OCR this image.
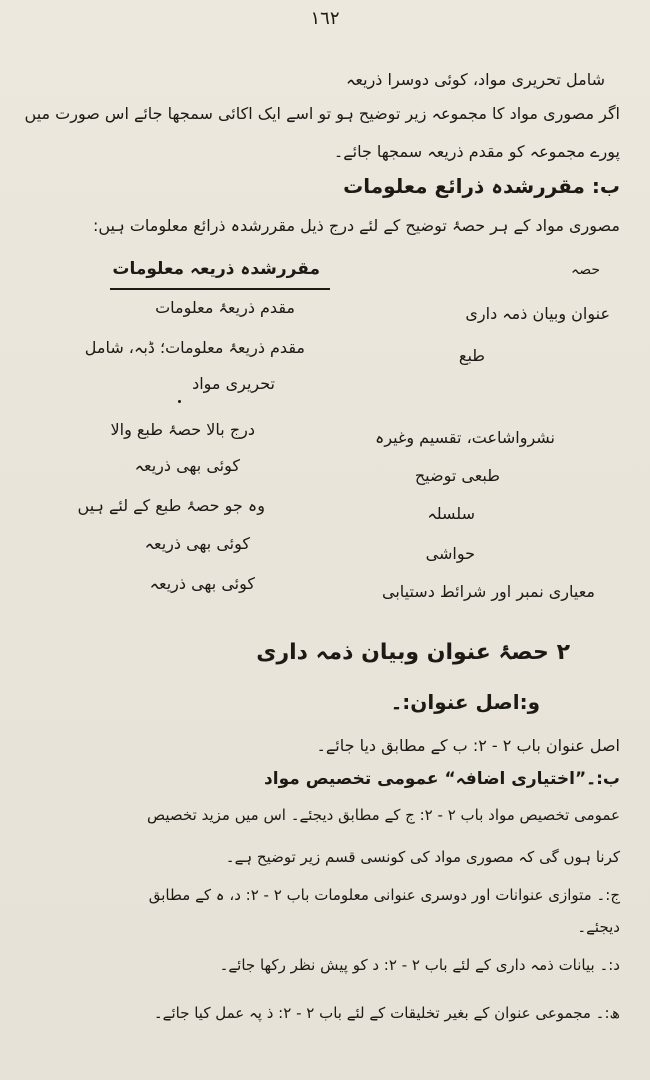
١٦٢
شامل تحریری مواد، کوئی دوسرا ذریعہ
اگر مصوری مواد کا مجموعہ زیر توضیح ہو تو اسے ایک اکائی سمجھا جائے اس صورت میں
پورے مجموعہ کو مقدم ذریعہ سمجھا جائے۔
ب: مقررشدہ ذرائع معلومات
مصوری مواد کے ہر حصۂ توضیح کے لئے درج ذیل مقررشدہ ذرائع معلومات ہیں:
حصہ
مقررشدہ ذریعہ معلومات
مقدم ذریعۂ معلومات
مقدم ذریعۂ معلومات؛ ڈبہ، شامل
تحریری مواد
درج بالا حصۂ طبع والا
کوئی بھی ذریعہ
وہ جو حصۂ طبع کے لئے ہیں
کوئی بھی ذریعہ
کوئی بھی ذریعہ
عنوان وبیان ذمہ داری
طبع
نشرواشاعت، تقسیم وغیرہ
طبعی توضیح
سلسلہ
حواشی
معیاری نمبر اور شرائط دستیابی
۲ حصۂ عنوان وبیان ذمہ داری
و:اصل عنوان:۔
اصل عنوان باب ۲ - ۲: ب کے مطابق دیا جائے۔
ب:۔”اختیاری اضافہ“ عمومی تخصیص مواد
عمومی تخصیص مواد باب ۲ - ۲: ج کے مطابق دیجئے۔ اس میں مزید تخصیص
کرنا ہوں گی کہ مصوری مواد کی کونسی قسم زیر توضیح ہے۔
ج:۔ متوازی عنوانات اور دوسری عنوانی معلومات باب ۲ - ۲: د، ہ کے مطابق
دیجئے۔
د:۔ بیانات ذمہ داری کے لئے باب ۲ - ۲: د کو پیش نظر رکھا جائے۔
ھ:۔ مجموعی عنوان کے بغیر تخلیقات کے لئے باب ۲ - ۲: ذ پہ عمل کیا جائے۔
